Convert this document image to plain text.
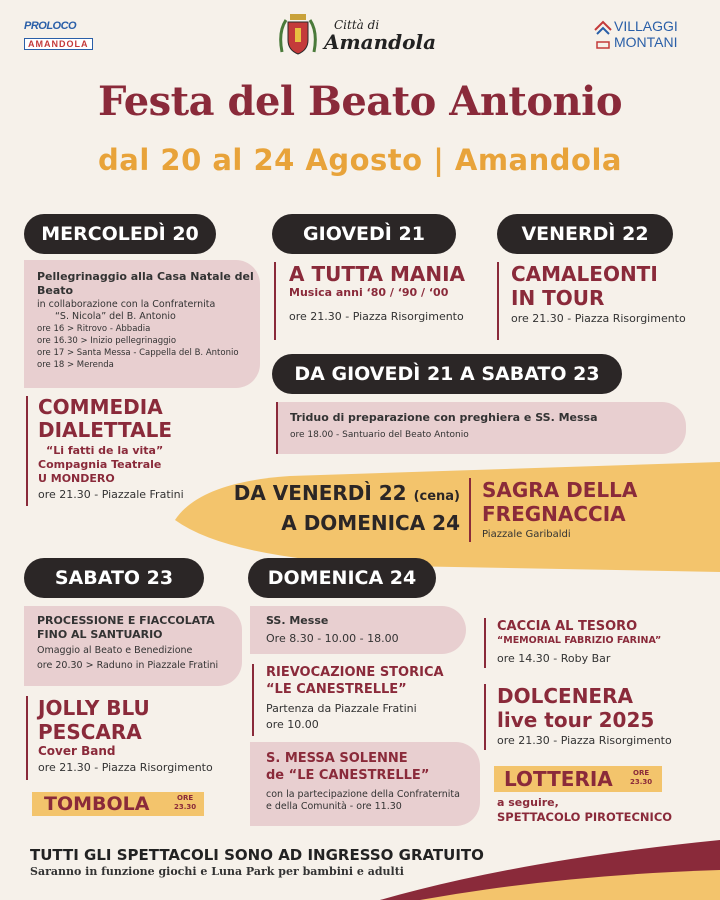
PROLOCO
AMANDOLA
Città di
Amandola
VILLAGGI
MONTANI
Festa del Beato Antonio
dal 20 al 24 Agosto | Amandola
MERCOLEDÌ 20
Pellegrinaggio alla Casa Natale del Beato
in collaborazione con la Confraternita
“S. Nicola” del B. Antonio
ore 16 > Ritrovo - Abbadia
ore 16.30 > Inizio pellegrinaggio
ore 17 > Santa Messa - Cappella del B. Antonio
ore 18 > Merenda
COMMEDIA
DIALETTALE
“Li fatti de la vita”
Compagnia Teatrale
U MONDERO
ore 21.30 - Piazzale Fratini
GIOVEDÌ 21
A TUTTA MANIA
Musica anni ‘80 / ‘90 / ‘00
ore 21.30 - Piazza Risorgimento
VENERDÌ 22
CAMALEONTI
IN TOUR
ore 21.30 - Piazza Risorgimento
DA GIOVEDÌ 21 A SABATO 23
Triduo di preparazione con preghiera e SS. Messa
ore 18.00 - Santuario del Beato Antonio
DA VENERDÌ 22 (cena)
A DOMENICA 24
SAGRA DELLA
FREGNACCIA
Piazzale Garibaldi
SABATO 23
PROCESSIONE E FIACCOLATA
FINO AL SANTUARIO
Omaggio al Beato e Benedizione
ore 20.30 > Raduno in Piazzale Fratini
JOLLY BLU
PESCARA
Cover Band
ore 21.30 - Piazza Risorgimento
TOMBOLA	ORE
23.30
DOMENICA 24
SS. Messe
Ore 8.30 - 10.00 - 18.00
RIEVOCAZIONE STORICA
“LE CANESTRELLE”
Partenza da Piazzale Fratini
ore 10.00
S. MESSA SOLENNE
de “LE CANESTRELLE”
con la partecipazione della Confraternita
e della Comunità - ore 11.30
CACCIA AL TESORO
“MEMORIAL FABRIZIO FARINA”
ore 14.30 - Roby Bar
DOLCENERA
live tour 2025
ore 21.30 - Piazza Risorgimento
LOTTERIA	ORE
23.30
a seguire,
SPETTACOLO PIROTECNICO
TUTTI GLI SPETTACOLI SONO AD INGRESSO GRATUITO
Saranno in funzione giochi e Luna Park per bambini e adulti
